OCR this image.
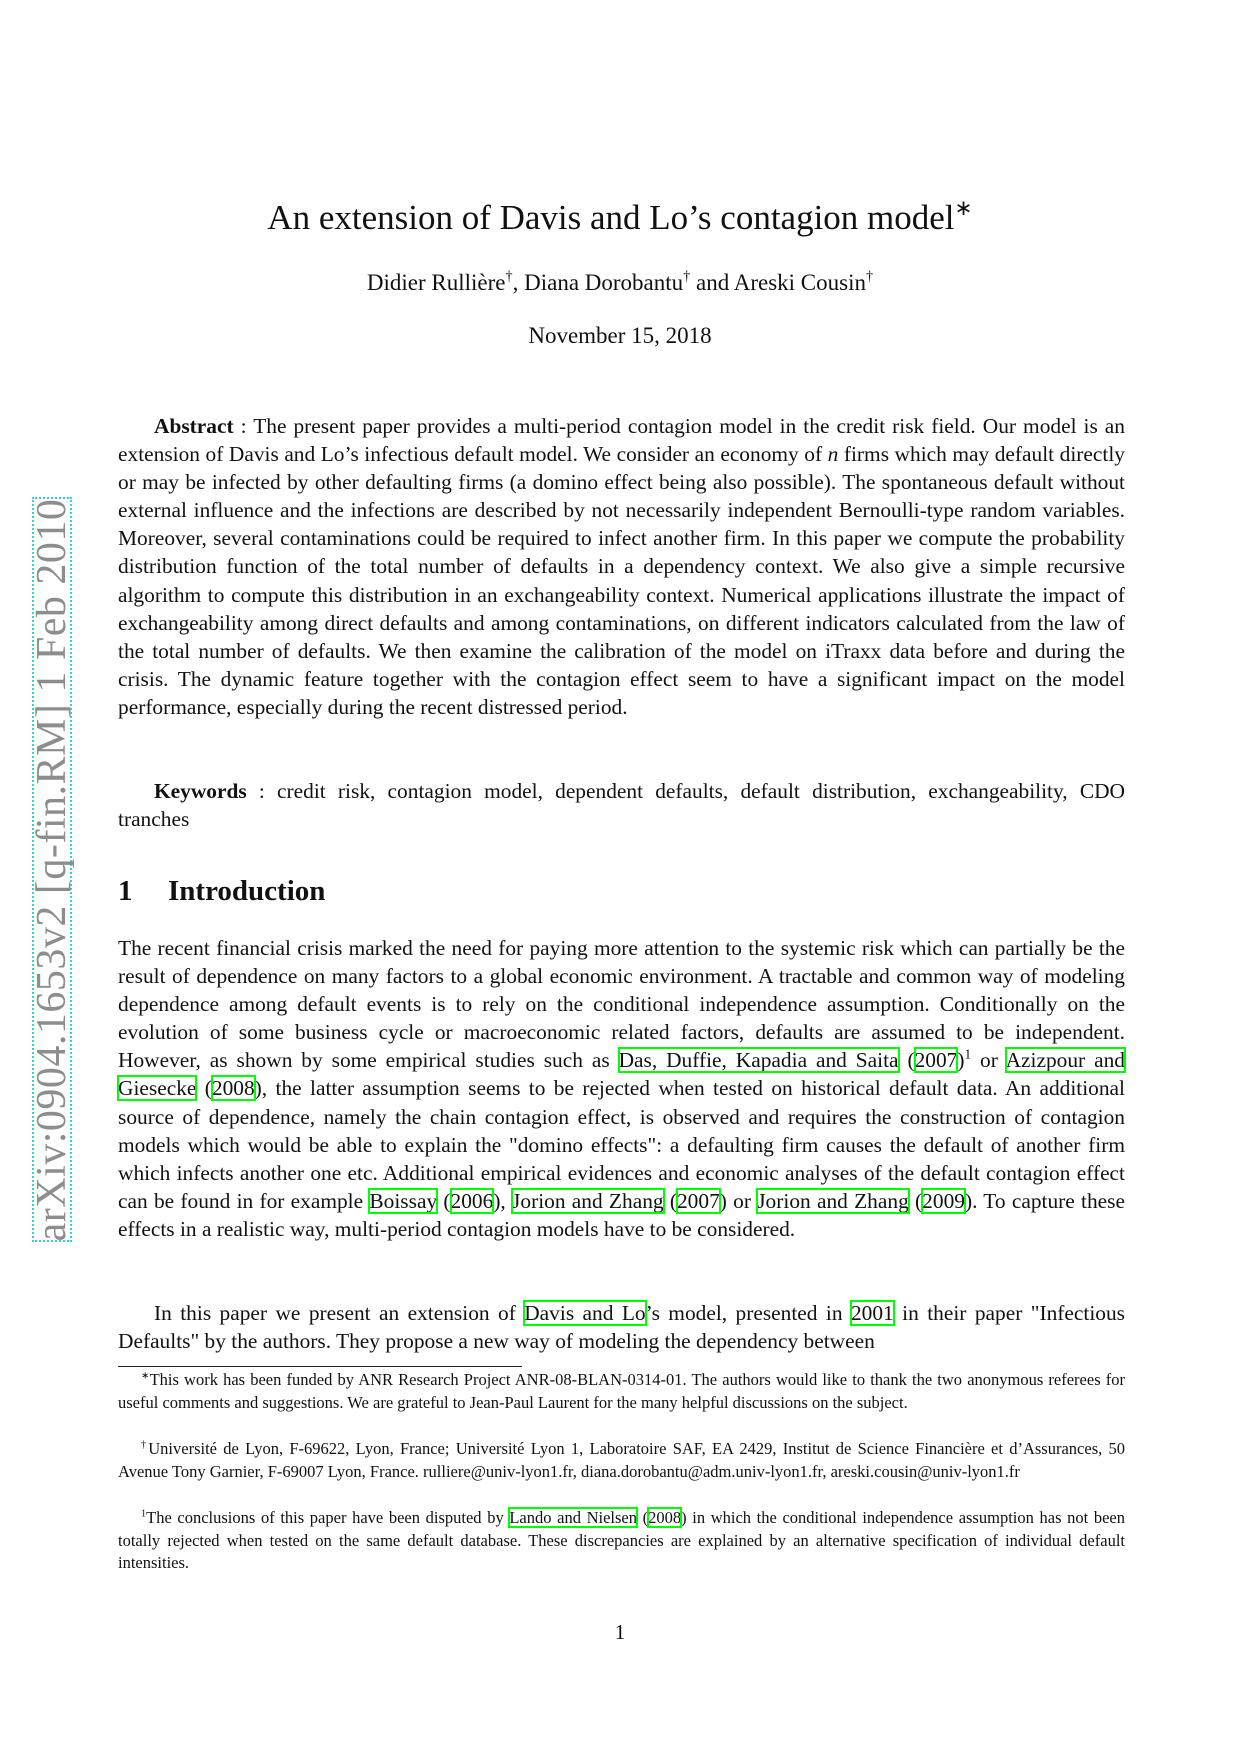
arXiv:0904.1653v2 [q-fin.RM] 1 Feb 2010
An extension of Davis and Lo’s contagion model∗
Didier Rullière†, Diana Dorobantu† and Areski Cousin†
November 15, 2018
Abstract : The present paper provides a multi-period contagion model in the credit risk field. Our model is an extension of Davis and Lo’s infectious default model. We consider an economy of n firms which may default directly or may be infected by other defaulting firms (a domino effect being also possible). The spontaneous default without external influence and the infections are described by not necessarily independent Bernoulli-type random variables. Moreover, several contaminations could be required to infect another firm. In this paper we compute the probability distribution function of the total number of defaults in a dependency context. We also give a simple recursive algorithm to compute this distribution in an exchangeability context. Numerical applications illustrate the impact of exchangeability among direct defaults and among contaminations, on different indicators calculated from the law of the total number of defaults. We then examine the calibration of the model on iTraxx data before and during the crisis. The dynamic feature together with the contagion effect seem to have a significant impact on the model performance, especially during the recent distressed period.
Keywords : credit risk, contagion model, dependent defaults, default distribution, exchangeability, CDO tranches
1 Introduction
The recent financial crisis marked the need for paying more attention to the systemic risk which can partially be the result of dependence on many factors to a global economic environment. A tractable and common way of modeling dependence among default events is to rely on the conditional independence assumption. Conditionally on the evolution of some business cycle or macroeconomic related factors, defaults are assumed to be independent. However, as shown by some empirical studies such as Das, Duffie, Kapadia and Saita $(2007)^1$ or Azizpour and Giesecke (2008), the latter assumption seems to be rejected when tested on historical default data. An additional source of dependence, namely the chain contagion effect, is observed and requires the construction of contagion models which would be able to explain the "domino effects": a defaulting firm causes the default of another firm which infects another one etc. Additional empirical evidences and economic analyses of the default contagion effect can be found in for example Boissay (2006), Jorion and Zhang (2007) or Jorion and Zhang (2009). To capture these effects in a realistic way, multi-period contagion models have to be considered.
In this paper we present an extension of Davis and Lo’s model, presented in 2001 in their paper "Infectious Defaults" by the authors. They propose a new way of modeling the dependency between
∗This work has been funded by ANR Research Project ANR-08-BLAN-0314-01. The authors would like to thank the two anonymous referees for useful comments and suggestions. We are grateful to Jean-Paul Laurent for the many helpful discussions on the subject.
†Université de Lyon, F-69622, Lyon, France; Université Lyon 1, Laboratoire SAF, EA 2429, Institut de Science Financière et d’Assurances, 50 Avenue Tony Garnier, F-69007 Lyon, France. rulliere@univ-lyon1.fr, diana.dorobantu@adm.univ-lyon1.fr, areski.cousin@univ-lyon1.fr
$^1$The conclusions of this paper have been disputed by Lando and Nielsen (2008) in which the conditional independence assumption has not been totally rejected when tested on the same default database. These discrepancies are explained by an alternative specification of individual default intensities.
1
